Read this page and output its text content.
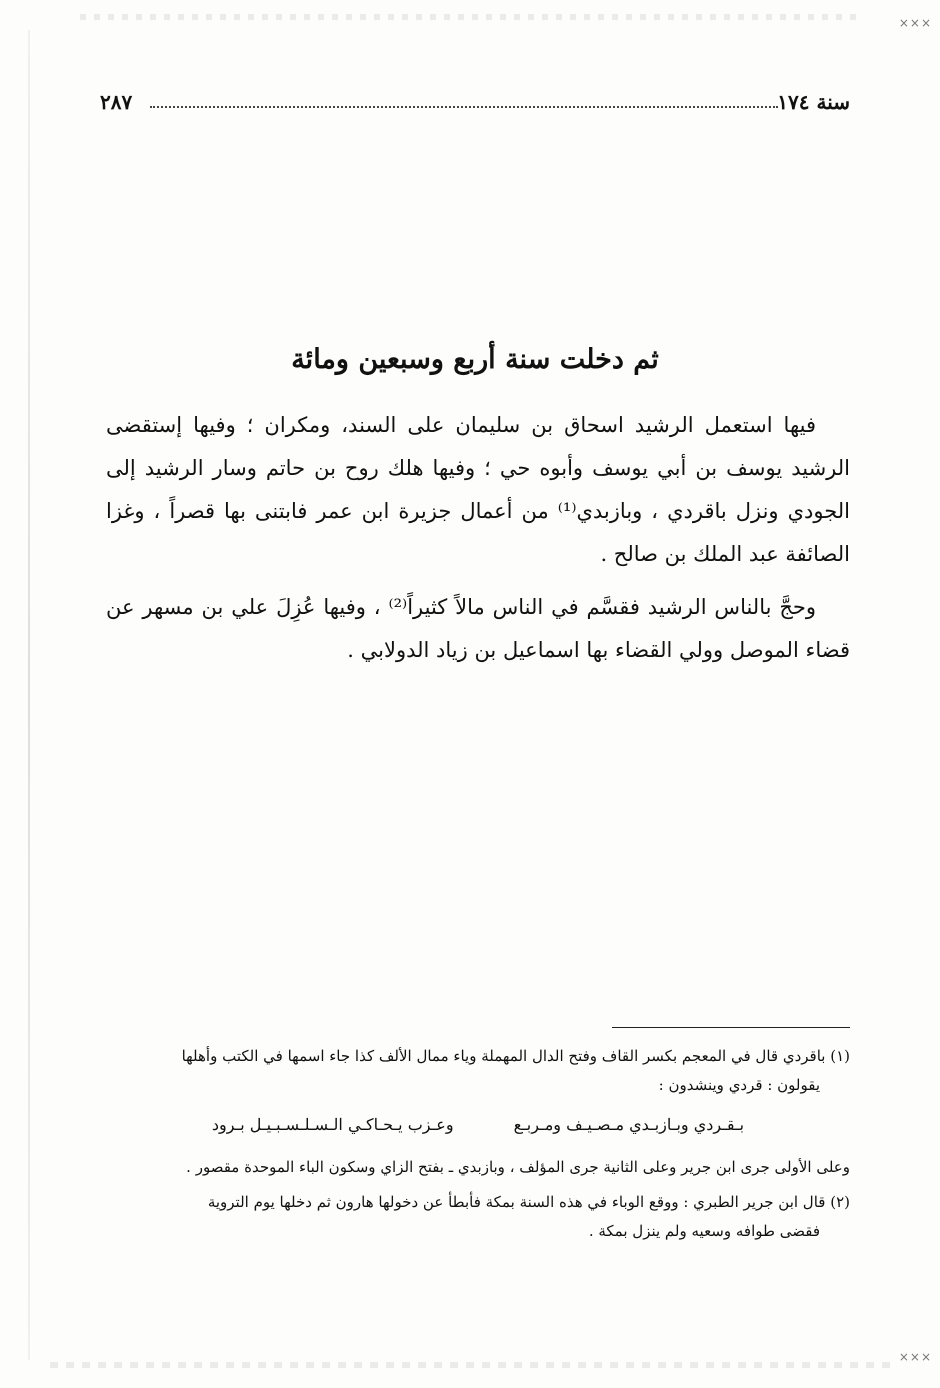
×××
×××
سنة ١٧٤
٢٨٧
ثم دخلت سنة أربع وسبعين ومائة

فيها استعمل الرشيد اسحاق بن سليمان على السند، ومكران ؛ وفيها إستقضى الرشيد يوسف بن أبي يوسف وأبوه حي ؛ وفيها هلك روح بن حاتم وسار الرشيد إلى الجودي ونزل باقردي ، وبازبدي⁽¹⁾ من أعمال جزيرة ابن عمر فابتنى بها قصراً ، وغزا الصائفة عبد الملك بن صالح .

وحجَّ بالناس الرشيد فقسَّم في الناس مالاً كثيراً⁽²⁾ ، وفيها عُزِلَ علي بن مسهر عن قضاء الموصل وولي القضاء بها اسماعيل بن زياد الدولابي .

(١) باقردي قال في المعجم بكسر القاف وفتح الدال المهملة وياء ممال الألف كذا جاء اسمها في الكتب وأهلها

يقولون : قردي وينشدون :

بـقـردي وبـازبـدي مـصـيـف ومـربـع
وعـزب يـحـاكـي الـسـلـسـبـيـل بـرود

وعلى الأولى جرى ابن جرير وعلى الثانية جرى المؤلف ، وبازبدي ـ بفتح الزاي وسكون الباء الموحدة مقصور .

(٢) قال ابن جرير الطبري : ووقع الوباء في هذه السنة بمكة فأبطأ عن دخولها هارون ثم دخلها يوم التروية

فقضى طوافه وسعيه ولم ينزل بمكة .
